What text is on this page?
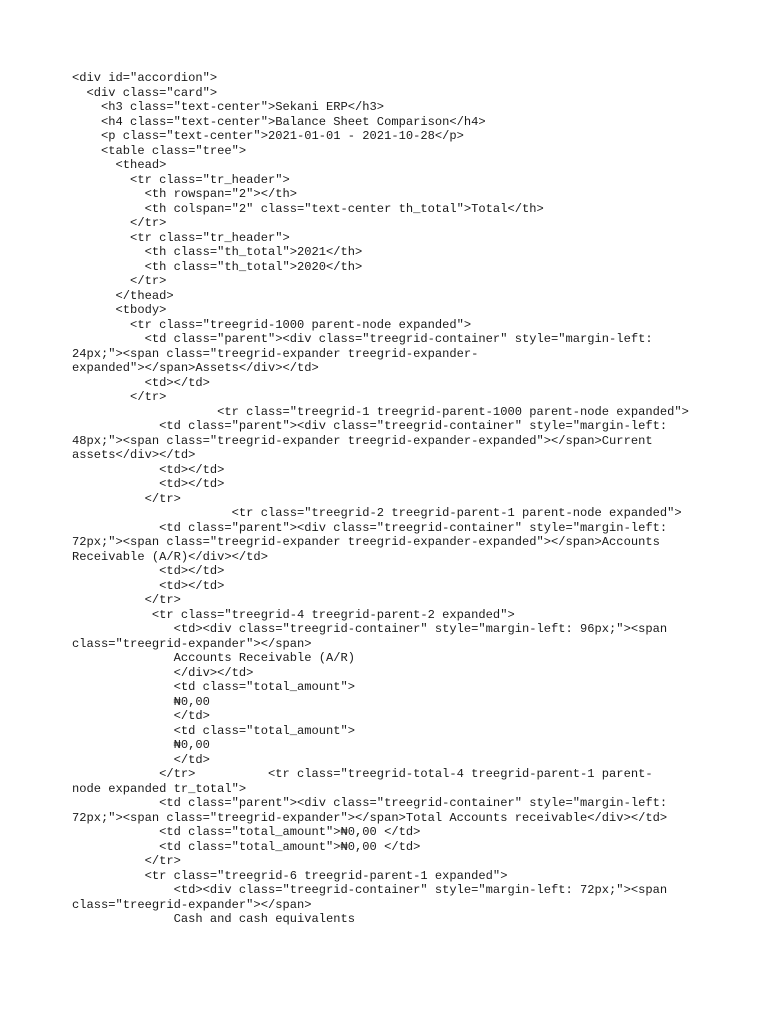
<div id="accordion">
<div class="card">
<h3 class="text-center">Sekani ERP</h3>
<h4 class="text-center">Balance Sheet Comparison</h4>
<p class="text-center">2021-01-01 - 2021-10-28</p>
<table class="tree">
<thead>
<tr class="tr_header">
<th rowspan="2"></th>
<th colspan="2" class="text-center th_total">Total</th>
</tr>
<tr class="tr_header">
<th class="th_total">2021</th>
<th class="th_total">2020</th>
</tr>
</thead>
<tbody>
<tr class="treegrid-1000 parent-node expanded">
<td class="parent"><div class="treegrid-container" style="margin-left:
24px;"><span class="treegrid-expander treegrid-expander-
expanded"></span>Assets</div></td>
<td></td>
</tr>
<tr class="treegrid-1 treegrid-parent-1000 parent-node expanded">
<td class="parent"><div class="treegrid-container" style="margin-left:
48px;"><span class="treegrid-expander treegrid-expander-expanded"></span>Current
assets</div></td>
<td></td>
<td></td>
</tr>
<tr class="treegrid-2 treegrid-parent-1 parent-node expanded">
<td class="parent"><div class="treegrid-container" style="margin-left:
72px;"><span class="treegrid-expander treegrid-expander-expanded"></span>Accounts
Receivable (A/R)</div></td>
<td></td>
<td></td>
</tr>
<tr class="treegrid-4 treegrid-parent-2 expanded">
<td><div class="treegrid-container" style="margin-left: 96px;"><span
class="treegrid-expander"></span>
Accounts Receivable (A/R)
</div></td>
<td class="total_amount">
₦0,00
</td>
<td class="total_amount">
₦0,00
</td>
</tr>          <tr class="treegrid-total-4 treegrid-parent-1 parent-
node expanded tr_total">
<td class="parent"><div class="treegrid-container" style="margin-left:
72px;"><span class="treegrid-expander"></span>Total Accounts receivable</div></td>
<td class="total_amount">₦0,00 </td>
<td class="total_amount">₦0,00 </td>
</tr>
<tr class="treegrid-6 treegrid-parent-1 expanded">
<td><div class="treegrid-container" style="margin-left: 72px;"><span
class="treegrid-expander"></span>
Cash and cash equivalents
